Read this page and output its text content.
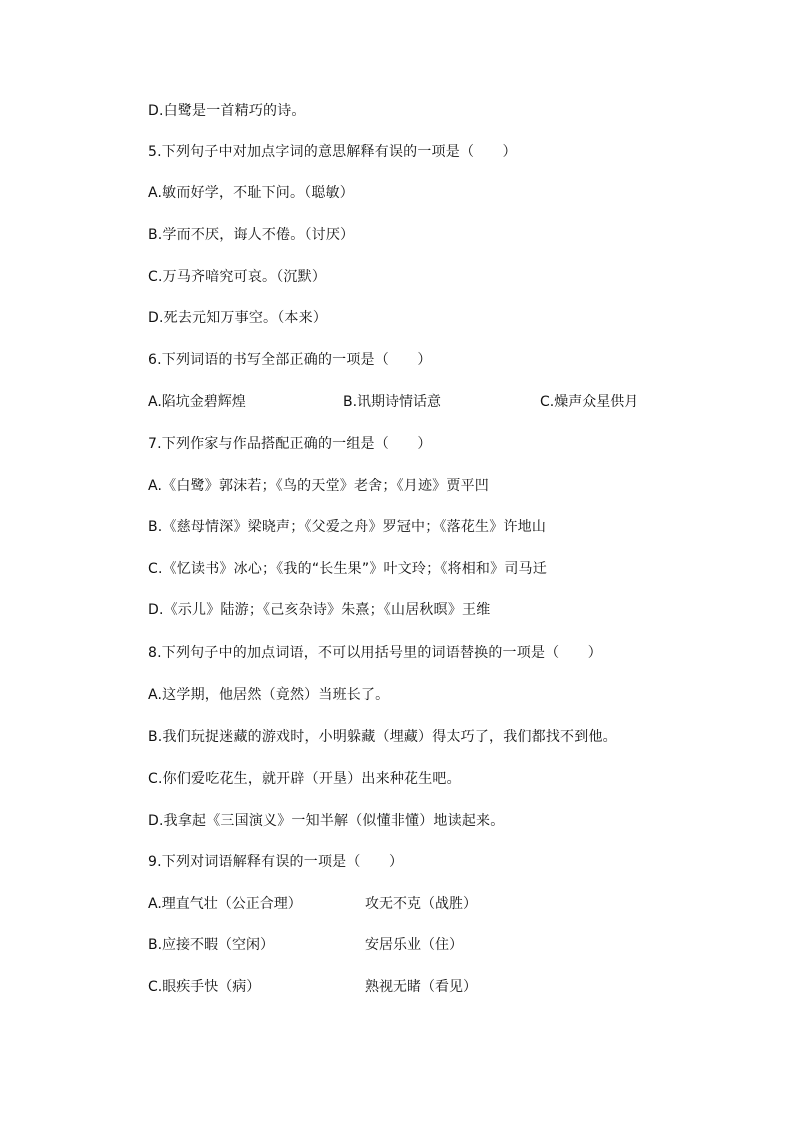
D.白鹭是一首精巧的诗。
5.下列句子中对加点字词的意思解释有误的一项是（　　）
A.敏而好学，不耻下问。（聪敏）
B.学而不厌，诲人不倦。（讨厌）
C.万马齐喑究可哀。（沉默）
D.死去元知万事空。（本来）
6.下列词语的书写全部正确的一项是（　　）
A.陷坑金碧辉煌	B.讯期诗情话意	C.燥声众星供月
7.下列作家与作品搭配正确的一组是（　　）
A.《白鹭》郭沫若；《鸟的天堂》老舍；《月迹》贾平凹
B.《慈母情深》梁晓声；《父爱之舟》罗冠中；《落花生》许地山
C.《忆读书》冰心；《我的“长生果”》叶文玲；《将相和》司马迁
D.《示儿》陆游；《己亥杂诗》朱熹；《山居秋暝》王维
8.下列句子中的加点词语，不可以用括号里的词语替换的一项是（　　）
A.这学期，他居然（竟然）当班长了。
B.我们玩捉迷藏的游戏时，小明躲藏（埋藏）得太巧了，我们都找不到他。
C.你们爱吃花生，就开辟（开垦）出来种花生吧。
D.我拿起《三国演义》一知半解（似懂非懂）地读起来。
9.下列对词语解释有误的一项是（　　）
A.理直气壮（公正合理）	攻无不克（战胜）
B.应接不暇（空闲）	安居乐业（住）
C.眼疾手快（病）	熟视无睹（看见）
